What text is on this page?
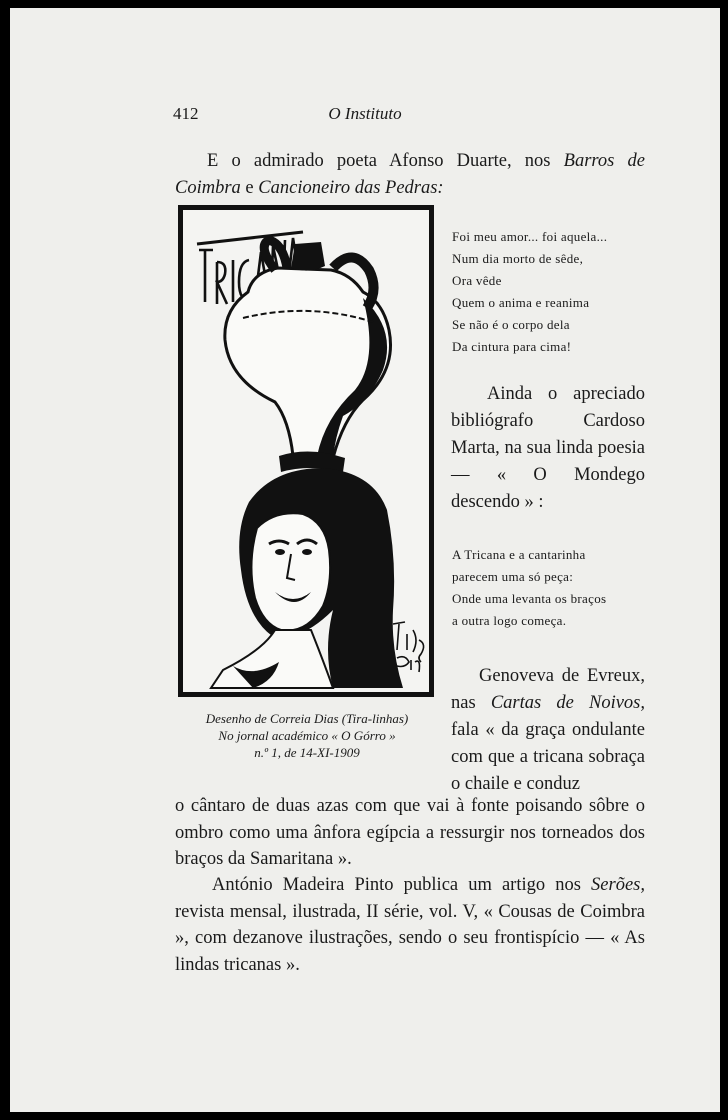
O Instituto
412

E o admirado poeta Afonso Duarte, nos Barros de Coimbra e Cancioneiro das Pedras:

Desenho de Correia Dias (Tira-linhas)
No jornal académico « O Górro »
n.º 1, de 14-XI-1909
Foi meu amor... foi aquela...
Num dia morto de sêde,
Ora vêde
Quem o anima e reanima
Se não é o corpo dela
Da cintura para cima!

Ainda o apreciado bibliógrafo Cardoso Marta, na sua linda poesia — « O Mondego descendo » :

A Tricana e a cantarinha
parecem uma só peça:
Onde uma levanta os braços
a outra logo começa.

Genoveva de Evreux, nas Cartas de Noivos, fala « da graça ondulante com que a tricana sobraça o chaile e conduz

o cântaro de duas azas com que vai à fonte poisando sôbre o ombro como uma ânfora egípcia a ressurgir nos torneados dos braços da Samaritana ».

António Madeira Pinto publica um artigo nos Serões, revista mensal, ilustrada, II série, vol. V, « Cousas de Coimbra », com dezanove ilustrações, sendo o seu frontispício — « As lindas tricanas ».
